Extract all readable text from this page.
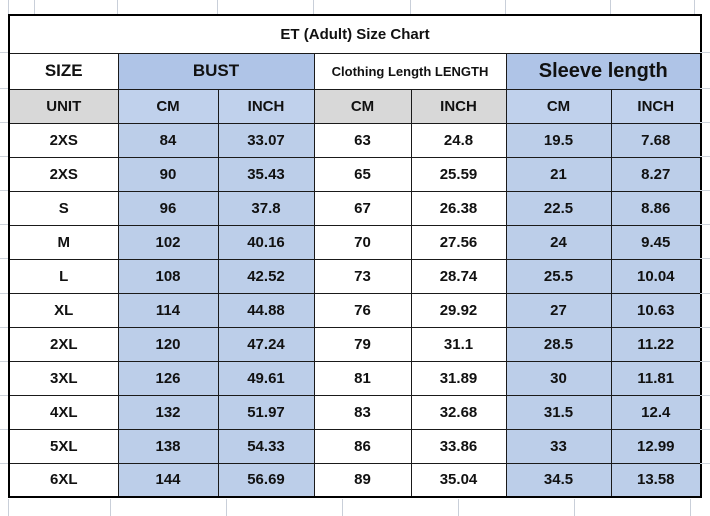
ET (Adult) Size Chart						
SIZE	BUST		Clothing Length LENGTH		Sleeve length	
UNIT	CM	INCH	CM	INCH	CM	INCH
2XS	84	33.07	63	24.8	19.5	7.68
2XS	90	35.43	65	25.59	21	8.27
S	96	37.8	67	26.38	22.5	8.86
M	102	40.16	70	27.56	24	9.45
L	108	42.52	73	28.74	25.5	10.04
XL	114	44.88	76	29.92	27	10.63
2XL	120	47.24	79	31.1	28.5	11.22
3XL	126	49.61	81	31.89	30	11.81
4XL	132	51.97	83	32.68	31.5	12.4
5XL	138	54.33	86	33.86	33	12.99
6XL	144	56.69	89	35.04	34.5	13.58
